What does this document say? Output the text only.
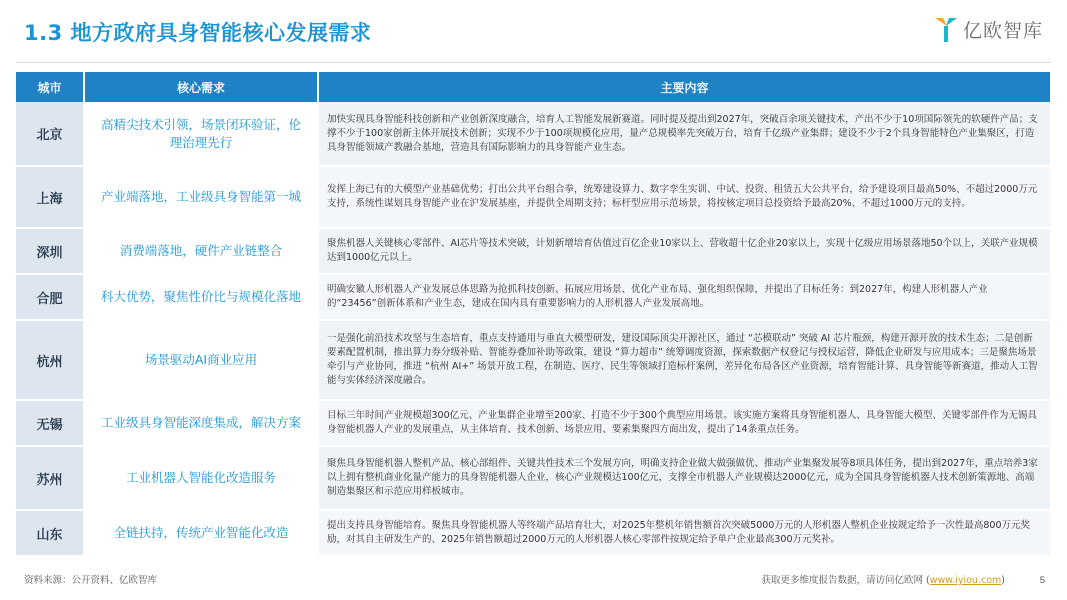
1.3 地方政府具身智能核心发展需求	亿欧智库
城市	核心需求	主要内容
北京	高精尖技术引领，场景闭环验证，伦理治理先行	加快实现具身智能科技创新和产业创新深度融合，培育人工智能发展新赛道。同时提及提出到2027年，突破百余项关键技术，产出不少于10项国际领先的软硬件产品；支撑不少于100家创新主体开展技术创新；实现不少于100项规模化应用，量产总规模率先突破万台，培育千亿级产业集群；建设不少于2个具身智能特色产业集聚区，打造具身智能领域产教融合基地，营造具有国际影响力的具身智能产业生态。
上海	产业端落地，工业级具身智能第一城	发挥上海已有的大模型产业基础优势；打出公共平台组合拳，统筹建设算力、数字孪生实训、中试、投资、租赁五大公共平台，给予建设项目最高50%、不超过2000万元支持，系统性谋划具身智能产业在沪发展基座，并提供全周期支持；标杆型应用示范场景，将按核定项目总投资给予最高20%、不超过1000万元的支持。
深圳	消费端落地，硬件产业链整合	聚焦机器人关键核心零部件、AI芯片等技术突破，计划新增培育估值过百亿企业10家以上、营收超十亿企业20家以上，实现十亿级应用场景落地50个以上，关联产业规模达到1000亿元以上。
合肥	科大优势，聚焦性价比与规模化落地	明确安徽人形机器人产业发展总体思路为抢抓科技创新、拓展应用场景、优化产业布局、强化组织保障，并提出了目标任务：到2027年，构建人形机器人产业的“23456”创新体系和产业生态，建成在国内具有重要影响力的人形机器人产业发展高地。
杭州	场景驱动AI商业应用	一是强化前沿技术攻坚与生态培育，重点支持通用与垂直大模型研发，建设国际顶尖开源社区，通过 “芯模联动” 突破 AI 芯片瓶颈，构建开源开放的技术生态；二是创新要素配置机制，推出算力券分级补贴、智能券叠加补助等政策，建设 “算力超市” 统筹调度资源，探索数据产权登记与授权运营，降低企业研发与应用成本；三是聚焦场景牵引与产业协同，推进 “杭州 AI+” 场景开放工程，在制造、医疗、民生等领域打造标杆案例，差异化布局各区产业资源，培育智能计算、具身智能等新赛道，推动人工智能与实体经济深度融合。
无锡	工业级具身智能深度集成，解决方案	目标三年时间产业规模超300亿元、产业集群企业增至200家、打造不少于300个典型应用场景。该实施方案将具身智能机器人、具身智能大模型、关键零部件作为无锡具身智能机器人产业的发展重点，从主体培育、技术创新、场景应用、要素集聚四方面出发，提出了14条重点任务。
苏州	工业机器人智能化改造服务	聚焦具身智能机器人整机产品、核心部组件、关键共性技术三个发展方向，明确支持企业做大做强做优、推动产业集聚发展等8项具体任务，提出到2027年，重点培养3家以上拥有整机商业化量产能力的具身智能机器人企业，核心产业规模达100亿元，支撑全市机器人产业规模达2000亿元，成为全国具身智能机器人技术创新策源地、高端制造集聚区和示范应用样板城市。
山东	全链扶持，传统产业智能化改造	提出支持具身智能培育。聚焦具身智能机器人等终端产品培育壮大，对2025年整机年销售额首次突破5000万元的人形机器人整机企业按规定给予一次性最高800万元奖励，对其自主研发生产的、2025年销售额超过2000万元的人形机器人核心零部件按规定给予单户企业最高300万元奖补。
资料来源：公开资料、亿欧智库	获取更多维度报告数据，请访问亿欧网 (www.iyiou.com)	5
